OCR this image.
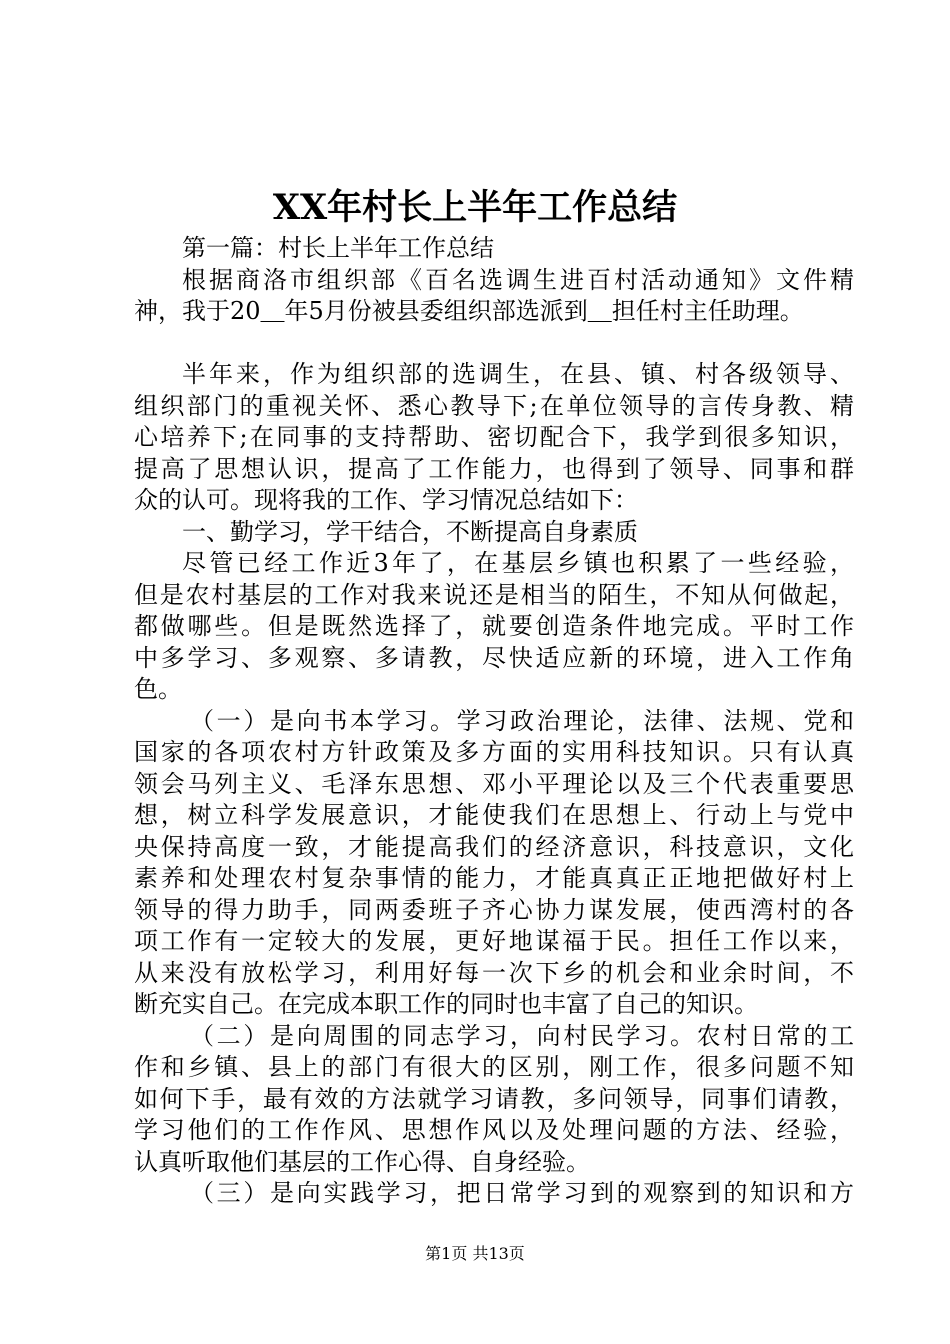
XX年村长上半年工作总结
第一篇：村长上半年工作总结
根据商洛市组织部《百名选调生进百村活动通知》文件精
神，我于20＿年5月份被县委组织部选派到＿担任村主任助理。
半年来，作为组织部的选调生，在县、镇、村各级领导、
组织部门的重视关怀、悉心教导下;在单位领导的言传身教、精
心培养下;在同事的支持帮助、密切配合下，我学到很多知识，
提高了思想认识，提高了工作能力，也得到了领导、同事和群
众的认可。现将我的工作、学习情况总结如下：
一、勤学习，学干结合，不断提高自身素质
尽管已经工作近3年了，在基层乡镇也积累了一些经验，
但是农村基层的工作对我来说还是相当的陌生，不知从何做起，
都做哪些。但是既然选择了，就要创造条件地完成。平时工作
中多学习、多观察、多请教，尽快适应新的环境，进入工作角
色。
（一）是向书本学习。学习政治理论，法律、法规、党和
国家的各项农村方针政策及多方面的实用科技知识。只有认真
领会马列主义、毛泽东思想、邓小平理论以及三个代表重要思
想，树立科学发展意识，才能使我们在思想上、行动上与党中
央保持高度一致，才能提高我们的经济意识，科技意识，文化
素养和处理农村复杂事情的能力，才能真真正正地把做好村上
领导的得力助手，同两委班子齐心协力谋发展，使西湾村的各
项工作有一定较大的发展，更好地谋福于民。担任工作以来，
从来没有放松学习，利用好每一次下乡的机会和业余时间，不
断充实自己。在完成本职工作的同时也丰富了自己的知识。
（二）是向周围的同志学习，向村民学习。农村日常的工
作和乡镇、县上的部门有很大的区别，刚工作，很多问题不知
如何下手，最有效的方法就学习请教，多问领导，同事们请教，
学习他们的工作作风、思想作风以及处理问题的方法、经验，
认真听取他们基层的工作心得、自身经验。
（三）是向实践学习，把日常学习到的观察到的知识和方
第1页 共13页
